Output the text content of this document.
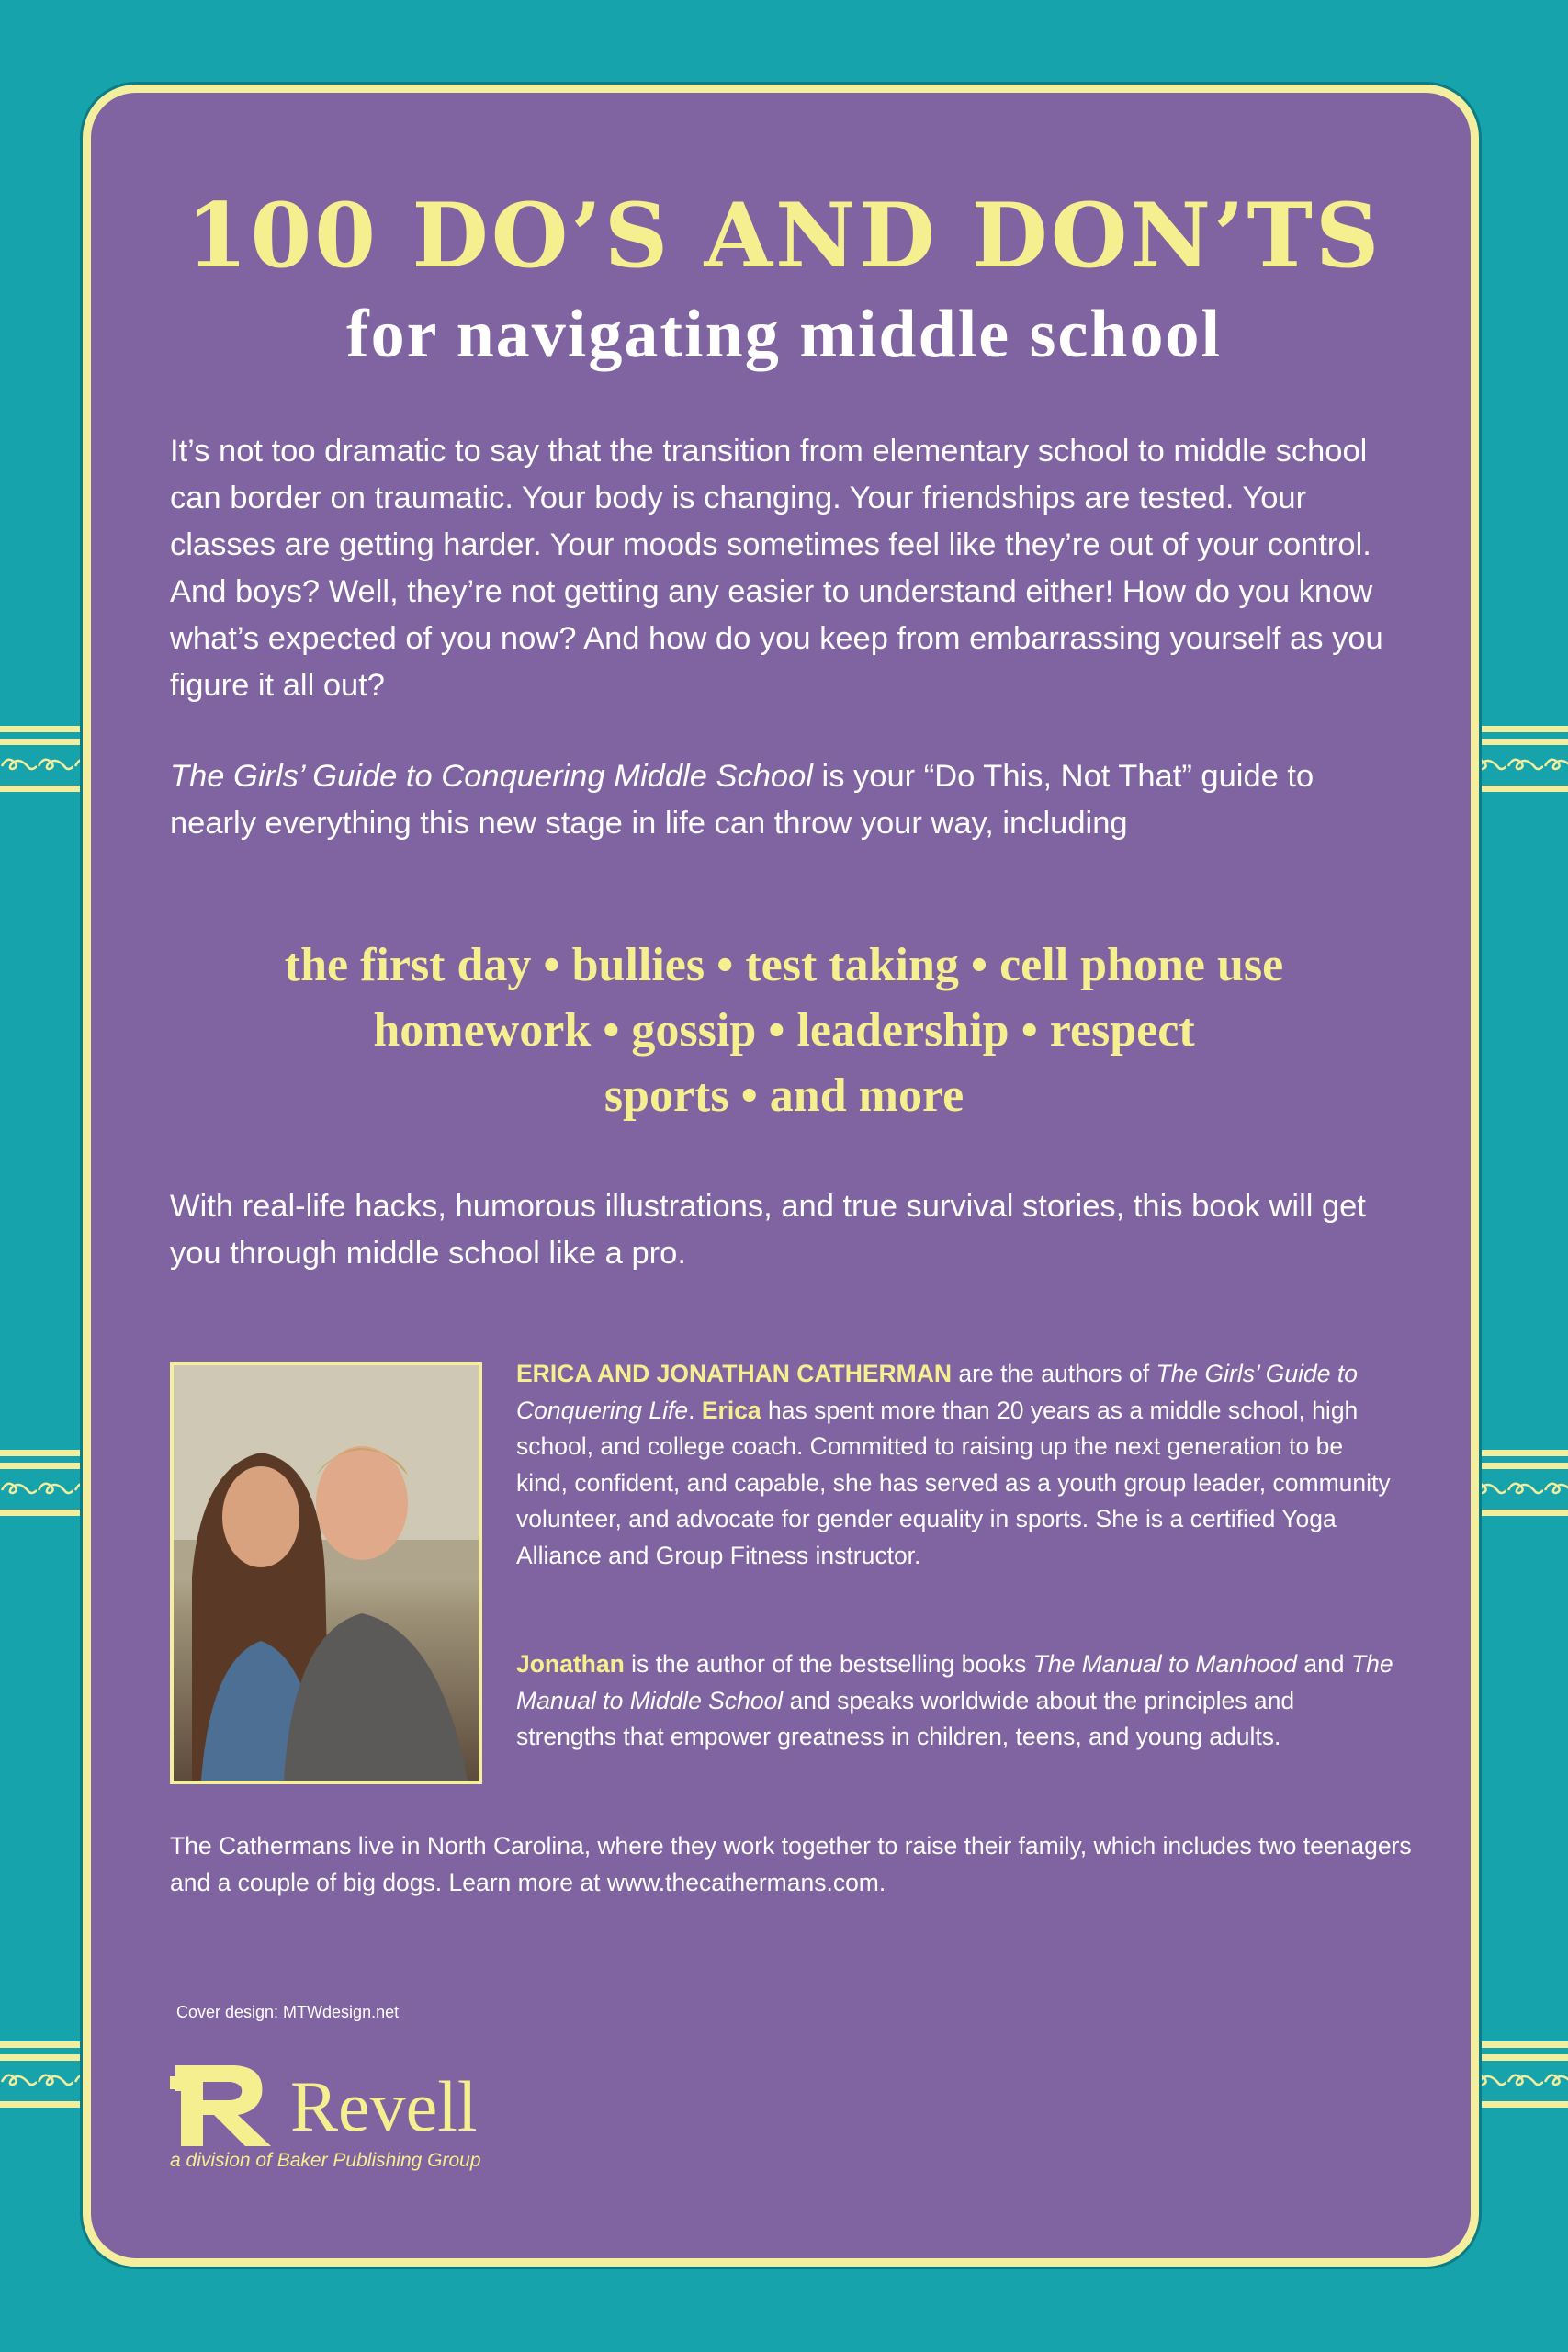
100 DO’S AND DON’TS
for navigating middle school

It’s not too dramatic to say that the transition from elementary school to middle school can border on traumatic. Your body is changing. Your friendships are tested. Your classes are getting harder. Your moods sometimes feel like they’re out of your control. And boys? Well, they’re not getting any easier to understand either! How do you know what’s expected of you now? And how do you keep from embarrassing yourself as you figure it all out?

The Girls’ Guide to Conquering Middle School is your “Do This, Not That” guide to nearly everything this new stage in life can throw your way, including

the first day • bullies • test taking • cell phone use
homework • gossip • leadership • respect
sports • and more

With real-life hacks, humorous illustrations, and true survival stories, this book will get you through middle school like a pro.

ERICA AND JONATHAN CATHERMAN are the authors of The Girls’ Guide to Conquering Life. Erica has spent more than 20 years as a middle school, high school, and college coach. Committed to raising up the next generation to be kind, confident, and capable, she has served as a youth group leader, community volunteer, and advocate for gender equality in sports. She is a certified Yoga Alliance and Group Fitness instructor.

Jonathan is the author of the bestselling books The Manual to Manhood and The Manual to Middle School and speaks worldwide about the principles and strengths that empower greatness in children, teens, and young adults.

The Cathermans live in North Carolina, where they work together to raise their family, which includes two teenagers and a couple of big dogs. Learn more at www.thecathermans.com.

Cover design: MTWdesign.net

Revell

a division of Baker Publishing Group
